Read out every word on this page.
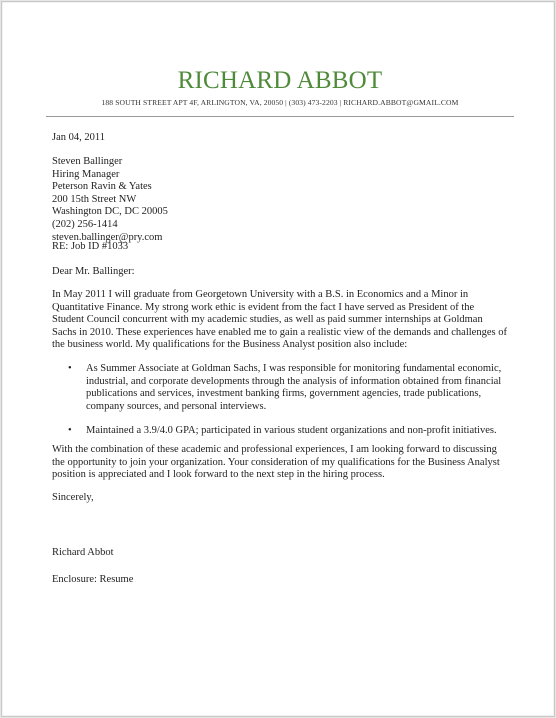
RICHARD ABBOT
188 SOUTH STREET APT 4F, ARLINGTON, VA, 20050 | (303) 473-2203 | RICHARD.ABBOT@GMAIL.COM
Jan 04, 2011

Steven Ballinger

Hiring Manager

Peterson Ravin & Yates

200 15th Street NW

Washington DC, DC 20005

(202) 256-1414

steven.ballinger@pry.com

RE: Job ID #1033
Dear Mr. Ballinger:
In May 2011 I will graduate from Georgetown University with a B.S. in Economics and a Minor in Quantitative Finance. My strong work ethic is evident from the fact I have served as President of the Student Council concurrent with my academic studies, as well as paid summer internships at Goldman Sachs in 2010. These experiences have enabled me to gain a realistic view of the demands and challenges of the business world. My qualifications for the Business Analyst position also include:
• As Summer Associate at Goldman Sachs, I was responsible for monitoring fundamental economic, industrial, and corporate developments through the analysis of information obtained from financial publications and services, investment banking firms, government agencies, trade publications, company sources, and personal interviews.
• Maintained a 3.9/4.0 GPA; participated in various student organizations and non-profit initiatives.
With the combination of these academic and professional experiences, I am looking forward to discussing the opportunity to join your organization. Your consideration of my qualifications for the Business Analyst position is appreciated and I look forward to the next step in the hiring process.
Sincerely,
Richard Abbot
Enclosure: Resume
